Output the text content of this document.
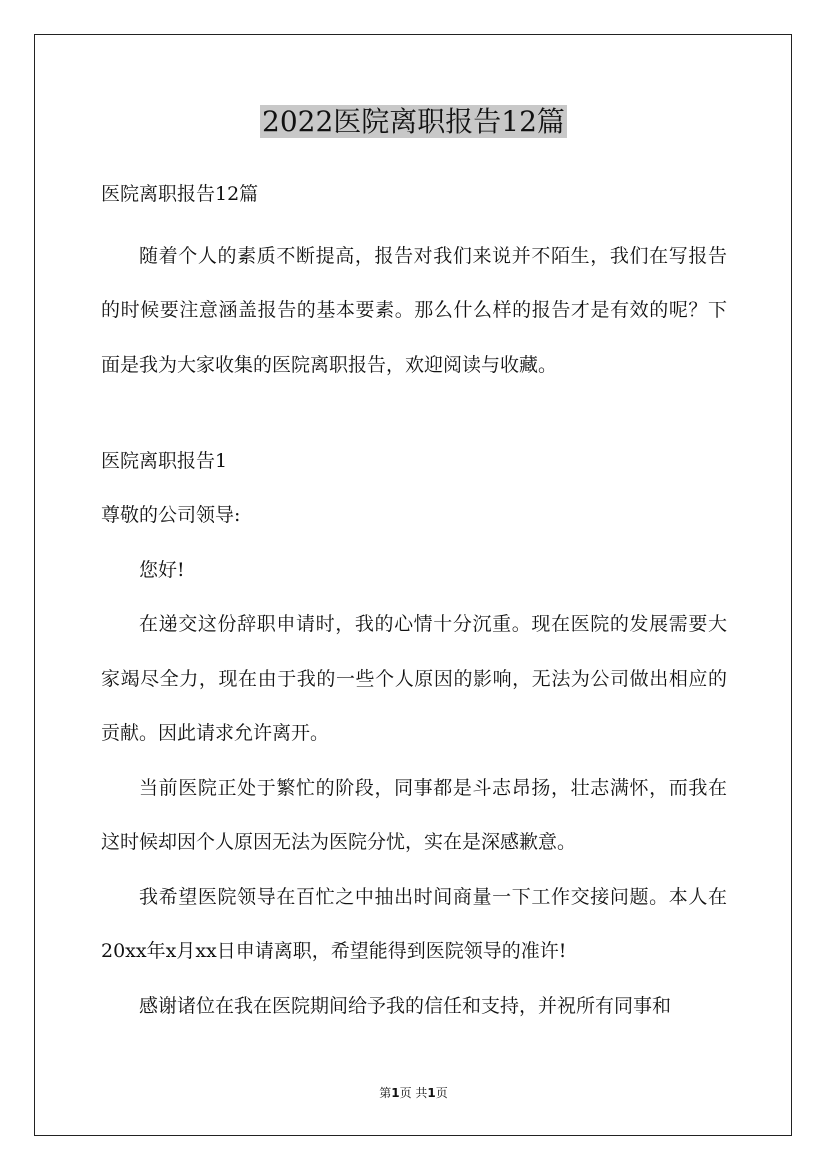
2022医院离职报告12篇

医院离职报告12篇

随着个人的素质不断提高，报告对我们来说并不陌生，我们在写报告的时候要注意涵盖报告的基本要素。那么什么样的报告才是有效的呢？下面是我为大家收集的医院离职报告，欢迎阅读与收藏。

医院离职报告1

尊敬的公司领导:

您好!

在递交这份辞职申请时，我的心情十分沉重。现在医院的发展需要大家竭尽全力，现在由于我的一些个人原因的影响，无法为公司做出相应的贡献。因此请求允许离开。

当前医院正处于繁忙的阶段，同事都是斗志昂扬，壮志满怀，而我在这时候却因个人原因无法为医院分忧，实在是深感歉意。

我希望医院领导在百忙之中抽出时间商量一下工作交接问题。本人在20xx年x月xx日申请离职，希望能得到医院领导的准许!

感谢诸位在我在医院期间给予我的信任和支持，并祝所有同事和

第1页 共1页
